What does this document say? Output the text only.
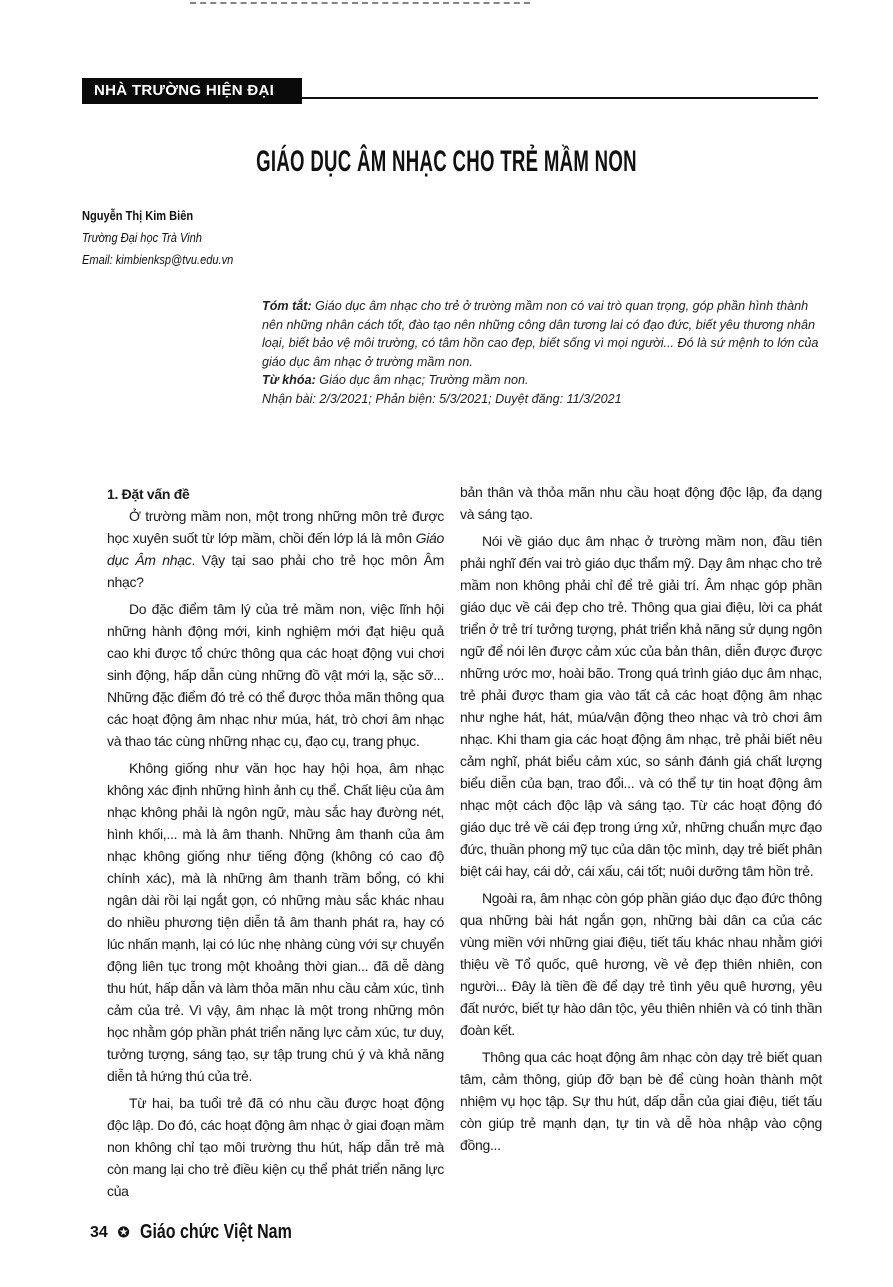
NHÀ TRƯỜNG HIỆN ĐẠI
GIÁO DỤC ÂM NHẠC CHO TRẺ MẦM NON
Nguyễn Thị Kim Biên
Trường Đại học Trà Vinh
Email: kimbienksp@tvu.edu.vn
Tóm tắt: Giáo dục âm nhạc cho trẻ ở trường mầm non có vai trò quan trọng, góp phần hình thành nên những nhân cách tốt, đào tạo nên những công dân tương lai có đạo đức, biết yêu thương nhân loại, biết bảo vệ môi trường, có tâm hồn cao đẹp, biết sống vì mọi người... Đó là sứ mệnh to lớn của giáo dục âm nhạc ở trường mầm non.
Từ khóa: Giáo dục âm nhạc; Trường mầm non.
Nhận bài: 2/3/2021; Phản biện: 5/3/2021; Duyệt đăng: 11/3/2021
1. Đặt vấn đề

Ở trường mầm non, một trong những môn trẻ được học xuyên suốt từ lớp mầm, chồi đến lớp lá là môn Giáo dục Âm nhạc. Vậy tại sao phải cho trẻ học môn Âm nhạc?

Do đặc điểm tâm lý của trẻ mầm non, việc lĩnh hội những hành động mới, kinh nghiệm mới đạt hiệu quả cao khi được tổ chức thông qua các hoạt động vui chơi sinh động, hấp dẫn cùng những đồ vật mới lạ, sặc sỡ... Những đặc điểm đó trẻ có thể được thỏa mãn thông qua các hoạt động âm nhạc như múa, hát, trò chơi âm nhạc và thao tác cùng những nhạc cụ, đạo cụ, trang phục.

Không giống như văn học hay hội họa, âm nhạc không xác định những hình ảnh cụ thể. Chất liệu của âm nhạc không phải là ngôn ngữ, màu sắc hay đường nét, hình khối,... mà là âm thanh. Những âm thanh của âm nhạc không giống như tiếng động (không có cao độ chính xác), mà là những âm thanh trầm bổng, có khi ngân dài rồi lại ngắt gọn, có những màu sắc khác nhau do nhiều phương tiện diễn tả âm thanh phát ra, hay có lúc nhấn mạnh, lại có lúc nhẹ nhàng cùng với sự chuyển động liên tục trong một khoảng thời gian... đã dễ dàng thu hút, hấp dẫn và làm thỏa mãn nhu cầu cảm xúc, tình cảm của trẻ. Vì vậy, âm nhạc là một trong những môn học nhằm góp phần phát triển năng lực cảm xúc, tư duy, tưởng tượng, sáng tạo, sự tập trung chú ý và khả năng diễn tả hứng thú của trẻ.

Từ hai, ba tuổi trẻ đã có nhu cầu được hoạt động độc lập. Do đó, các hoạt động âm nhạc ở giai đoạn mầm non không chỉ tạo môi trường thu hút, hấp dẫn trẻ mà còn mang lại cho trẻ điều kiện cụ thể phát triển năng lực của

bản thân và thỏa mãn nhu cầu hoạt động độc lập, đa dạng và sáng tạo.

Nói về giáo dục âm nhạc ở trường mầm non, đầu tiên phải nghĩ đến vai trò giáo dục thẩm mỹ. Dạy âm nhạc cho trẻ mầm non không phải chỉ để trẻ giải trí. Âm nhạc góp phần giáo dục về cái đẹp cho trẻ. Thông qua giai điệu, lời ca phát triển ở trẻ trí tưởng tượng, phát triển khả năng sử dụng ngôn ngữ để nói lên được cảm xúc của bản thân, diễn được được những ước mơ, hoài bão. Trong quá trình giáo dục âm nhạc, trẻ phải được tham gia vào tất cả các hoạt động âm nhạc như nghe hát, hát, múa/vận động theo nhạc và trò chơi âm nhạc. Khi tham gia các hoạt động âm nhạc, trẻ phải biết nêu cảm nghĩ, phát biểu cảm xúc, so sánh đánh giá chất lượng biểu diễn của bạn, trao đổi... và có thể tự tin hoạt động âm nhạc một cách độc lập và sáng tạo. Từ các hoạt động đó giáo dục trẻ về cái đẹp trong ứng xử, những chuẩn mực đạo đức, thuần phong mỹ tục của dân tộc mình, dạy trẻ biết phân biệt cái hay, cái dở, cái xấu, cái tốt; nuôi dưỡng tâm hồn trẻ.

Ngoài ra, âm nhạc còn góp phần giáo dục đạo đức thông qua những bài hát ngắn gọn, những bài dân ca của các vùng miền với những giai điệu, tiết tấu khác nhau nhằm giới thiệu về Tổ quốc, quê hương, về vẻ đẹp thiên nhiên, con người... Đây là tiền đề để dạy trẻ tình yêu quê hương, yêu đất nước, biết tự hào dân tộc, yêu thiên nhiên và có tinh thần đoàn kết.

Thông qua các hoạt động âm nhạc còn dạy trẻ biết quan tâm, cảm thông, giúp đỡ bạn bè để cùng hoàn thành một nhiệm vụ học tập. Sự thu hút, dấp dẫn của giai điệu, tiết tấu còn giúp trẻ mạnh dạn, tự tin và dễ hòa nhập vào cộng đồng...

34 ✪ Giáo chức Việt Nam
